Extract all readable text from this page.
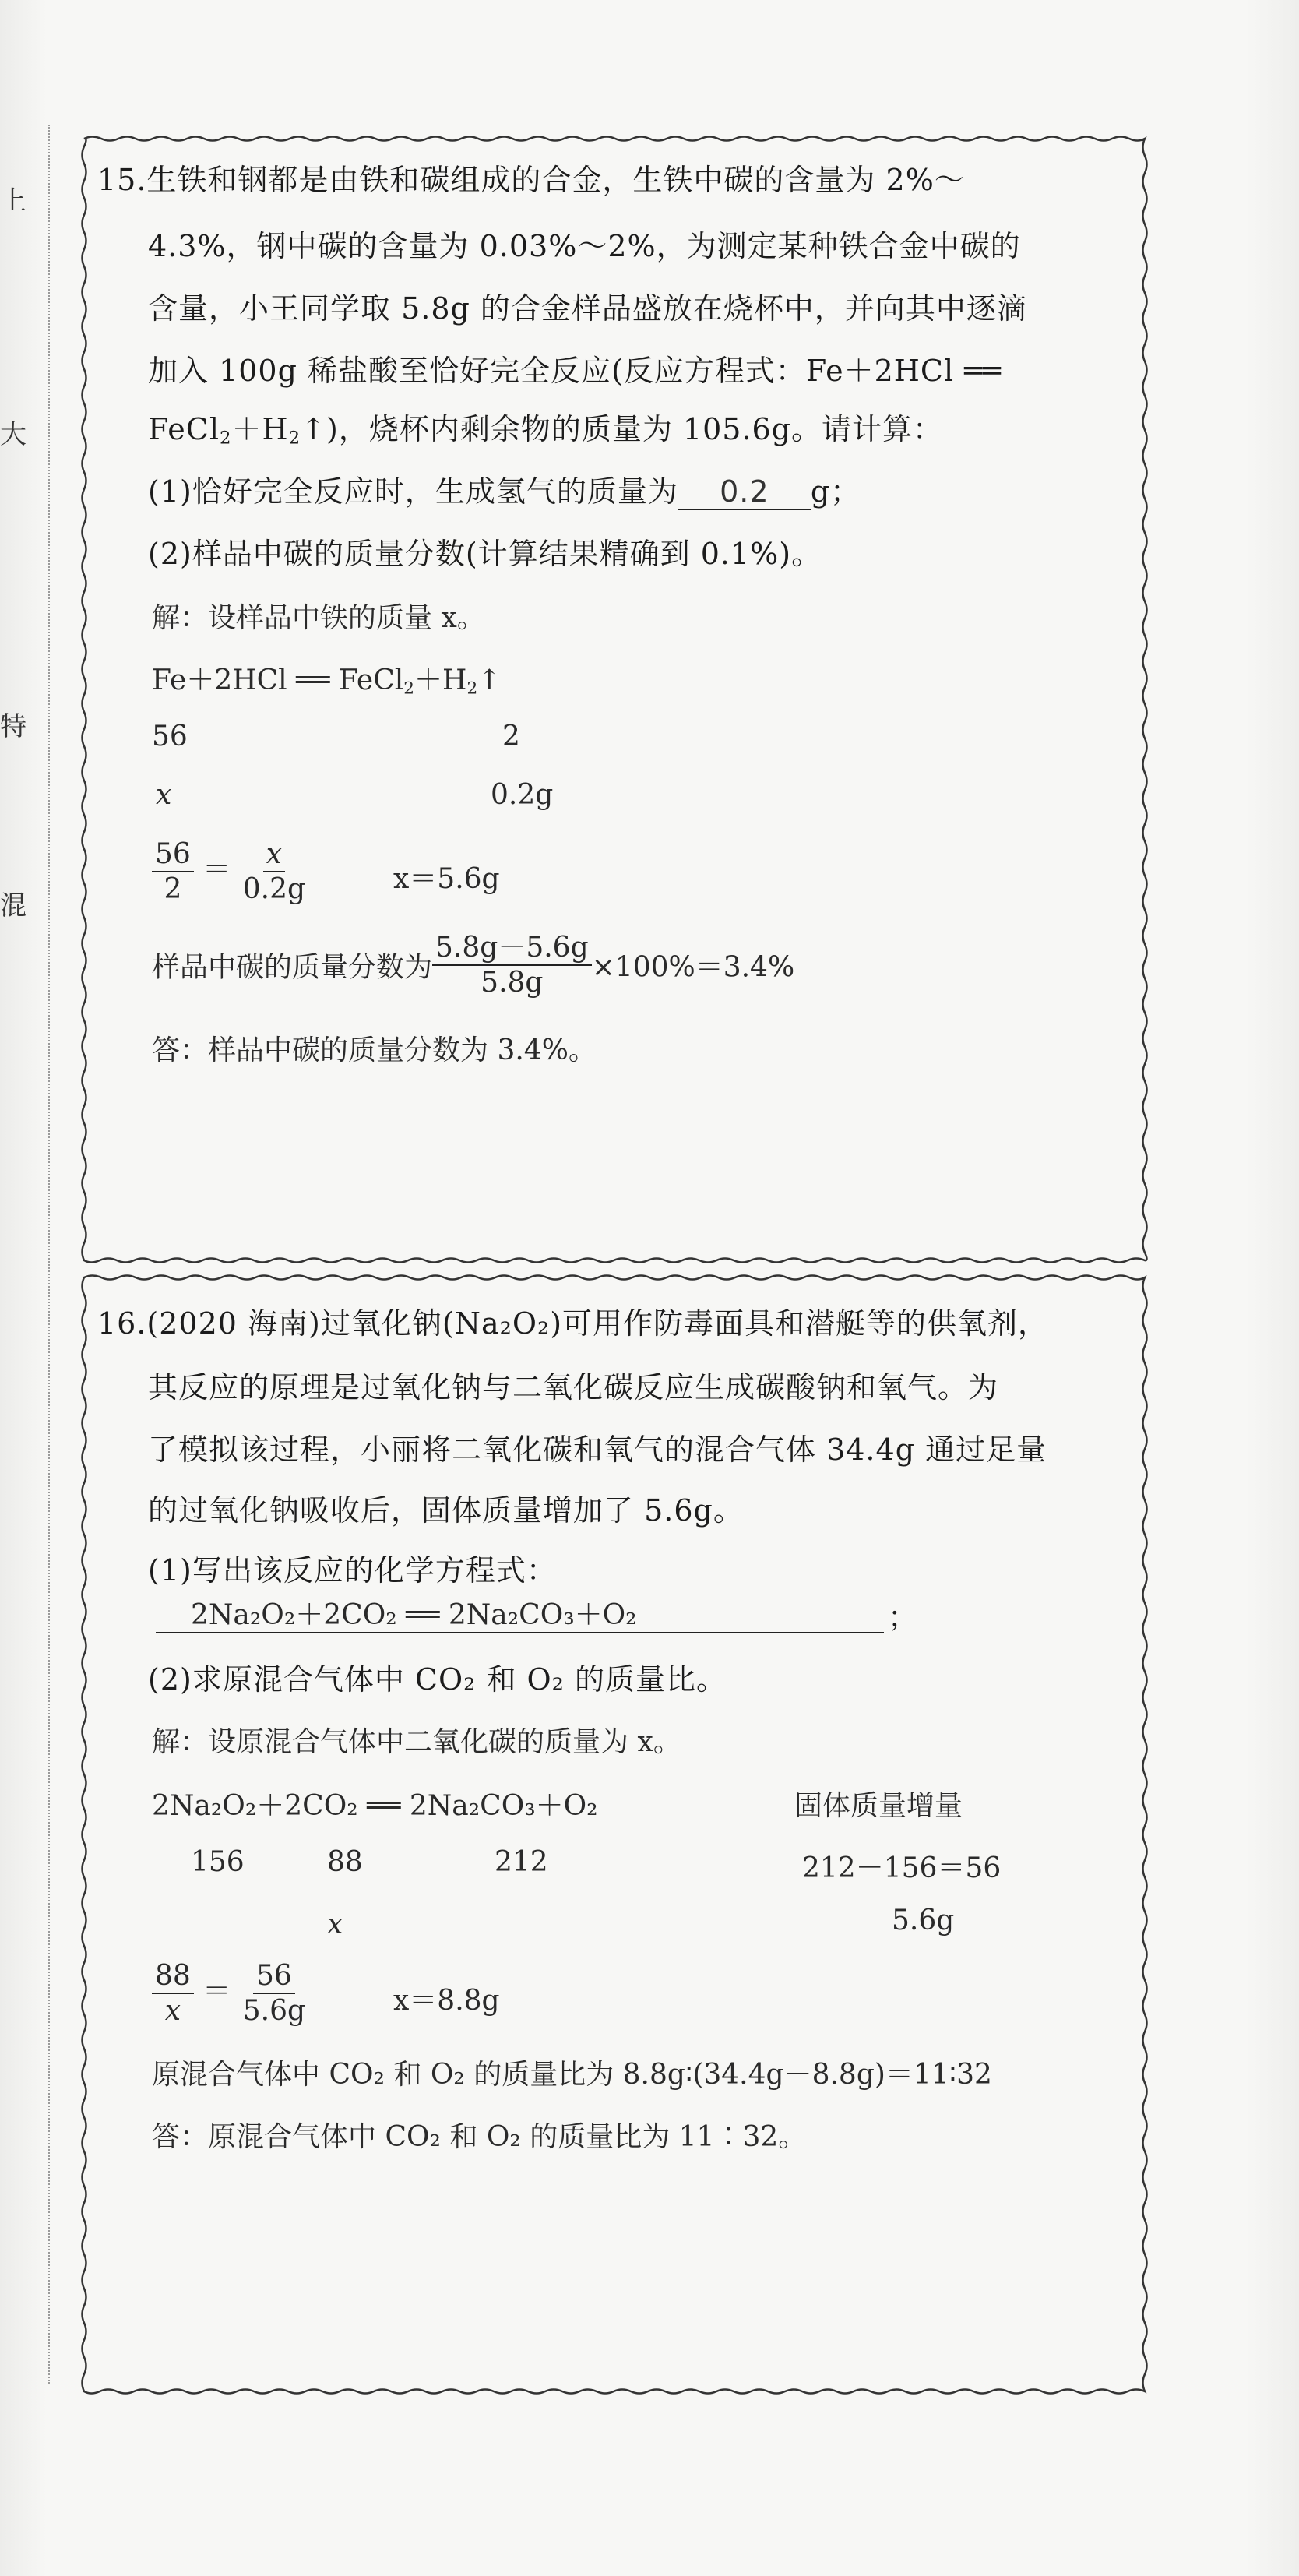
上
大
特
混
15.生铁和钢都是由铁和碳组成的合金，生铁中碳的含量为 2%～
4.3%，钢中碳的含量为 0.03%～2%，为测定某种铁合金中碳的
含量，小王同学取 5.8g 的合金样品盛放在烧杯中，并向其中逐滴
加入 100g 稀盐酸至恰好完全反应(反应方程式：Fe＋2HCl ══
$FeCl_2+H_2↑$)，烧杯内剩余物的质量为 105.6g。请计算：
(1)恰好完全反应时，生成氢气的质量为 0.2 g；
(2)样品中碳的质量分数(计算结果精确到 0.1%)。
解：设样品中铁的质量 x。
Fe＋2HCl ══ $FeCl_2+H_2↑$
56	2
x	0.2g
$\frac{56}{2} = \frac{x}{0.2g}$	x＝5.6g
样品中碳的质量分数为 $\frac{5.8g-5.6g}{5.8g} \times 100\%=3.4\%$
答：样品中碳的质量分数为 3.4%。
16.(2020 海南)过氧化钠(Na₂O₂)可用作防毒面具和潜艇等的供氧剂，
其反应的原理是过氧化钠与二氧化碳反应生成碳酸钠和氧气。为
了模拟该过程，小丽将二氧化碳和氧气的混合气体 34.4g 通过足量
的过氧化钠吸收后，固体质量增加了 5.6g。
(1)写出该反应的化学方程式：
2Na₂O₂＋2CO₂ ══ 2Na₂CO₃＋O₂	；
(2)求原混合气体中 CO₂ 和 O₂ 的质量比。
解：设原混合气体中二氧化碳的质量为 x。
2Na₂O₂＋2CO₂ ══ 2Na₂CO₃＋O₂	固体质量增量
156	88	212	212－156＝56
x	5.6g
$\frac{88}{x} = \frac{56}{5.6g}$	x＝8.8g
原混合气体中 CO₂ 和 O₂ 的质量比为 8.8g∶(34.4g－8.8g)＝11∶32
答：原混合气体中 CO₂ 和 O₂ 的质量比为 11∶32。
